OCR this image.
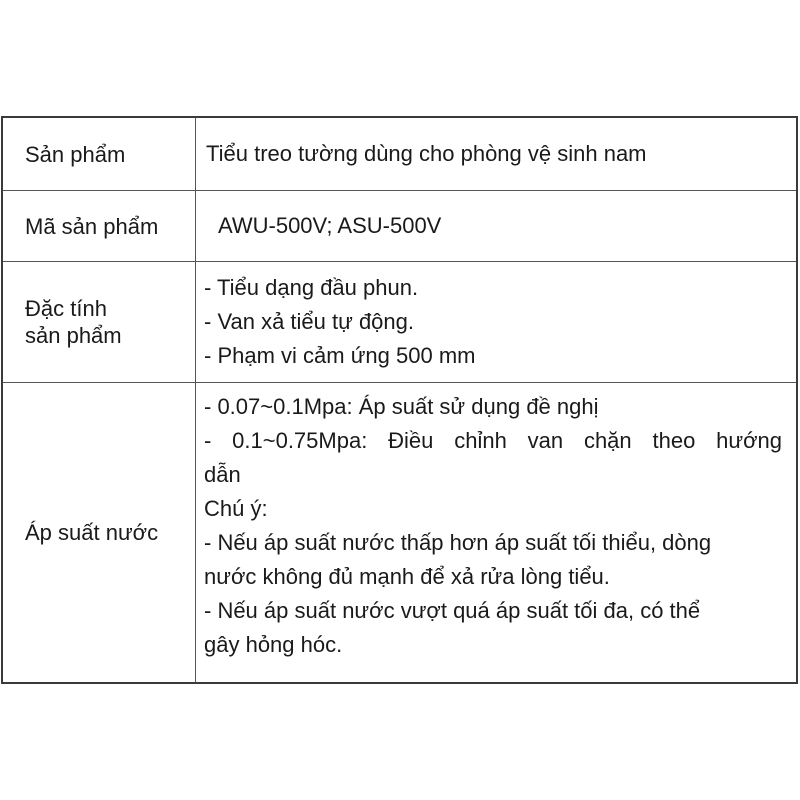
Sản phẩm	Tiểu treo tường dùng cho phòng vệ sinh nam
Mã sản phẩm	AWU-500V; ASU-500V
Đặc tính
sản phẩm
- Tiểu dạng đầu phun.
- Van xả tiểu tự động.
- Phạm vi cảm ứng 500 mm
Áp suất nước
- 0.07~0.1Mpa: Áp suất sử dụng đề nghị
- 0.1~0.75Mpa: Điều chỉnh van chặn theo hướng
dẫn
Chú ý:
- Nếu áp suất nước thấp hơn áp suất tối thiểu, dòng
nước không đủ mạnh để xả rửa lòng tiểu.
- Nếu áp suất nước vượt quá áp suất tối đa, có thể
gây hỏng hóc.
